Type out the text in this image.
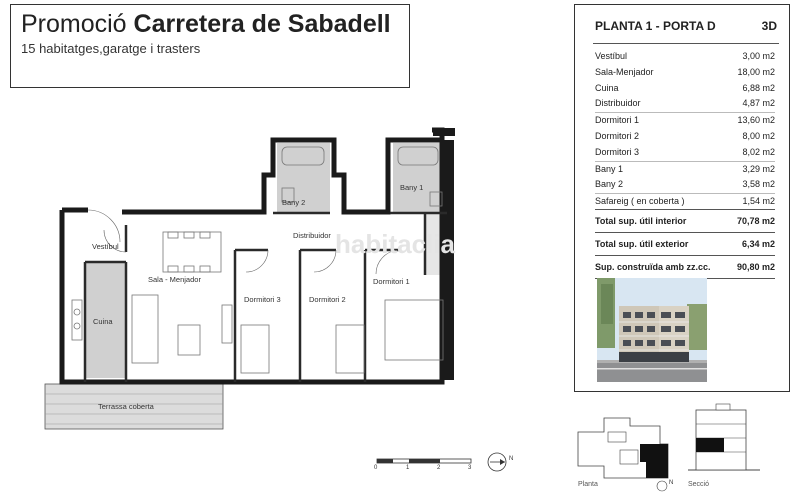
Promoció Carretera de Sabadell
15 habitatges,garatge i trasters
habitaclia
Vestíbul
Sala - Menjador
Cuina
Distribuidor
Dormitori 3	Dormitori 2
Dormitori 1
Bany 2
Bany 1
Terrassa coberta
0	1	2	3
N
Planta	N Secció
PLANTA 1 - PORTA D	3D
Vestíbul	3,00 m2
Sala-Menjador	18,00 m2
Cuina	6,88 m2
Distribuidor	4,87 m2
Dormitori 1	13,60 m2
Dormitori 2	8,00 m2
Dormitori 3	8,02 m2
Bany 1	3,29 m2
Bany 2	3,58 m2
Safareig ( en coberta )	1,54 m2
Total sup. útil interior	70,78 m2
Total sup. útil exterior	6,34 m2
Sup. construïda amb zz.cc.	90,80 m2
